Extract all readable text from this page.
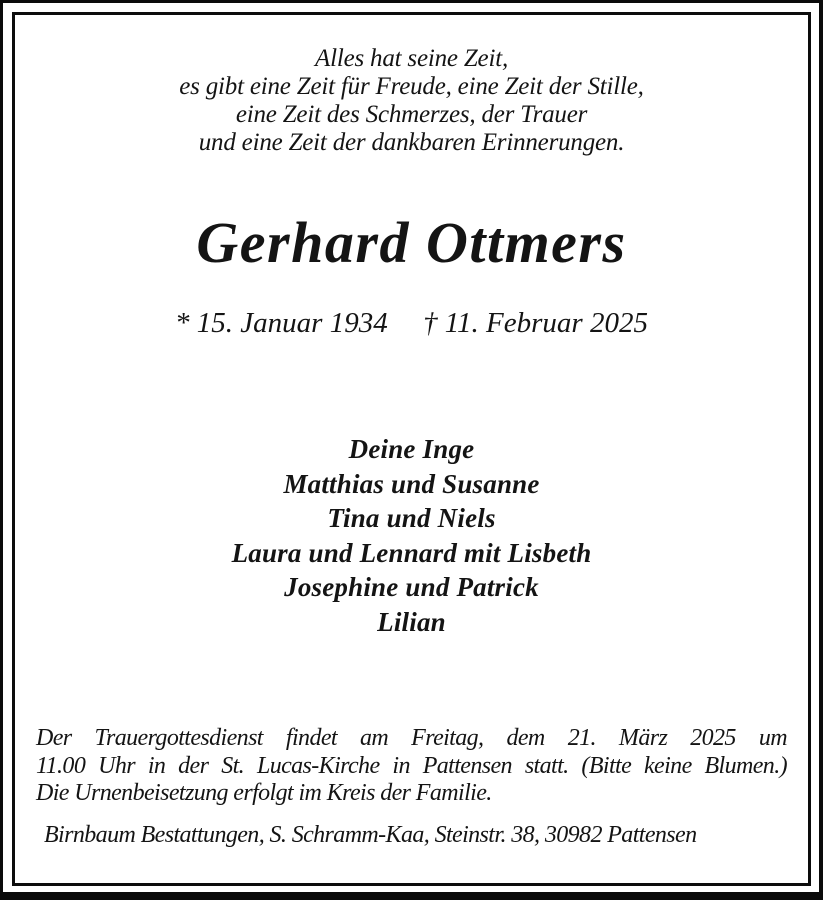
Alles hat seine Zeit,
es gibt eine Zeit für Freude, eine Zeit der Stille,
eine Zeit des Schmerzes, der Trauer
und eine Zeit der dankbaren Erinnerungen.
Gerhard Ottmers
* 15. Januar 1934 † 11. Februar 2025
Deine Inge
Matthias und Susanne
Tina und Niels
Laura und Lennard mit Lisbeth
Josephine und Patrick
Lilian
Der Trauergottesdienst findet am Freitag, dem 21. März 2025 um
11.00 Uhr in der St. Lucas-Kirche in Pattensen statt. (Bitte keine Blumen.)
Die Urnenbeisetzung erfolgt im Kreis der Familie.
Birnbaum Bestattungen, S. Schramm-Kaa, Steinstr. 38, 30982 Pattensen
